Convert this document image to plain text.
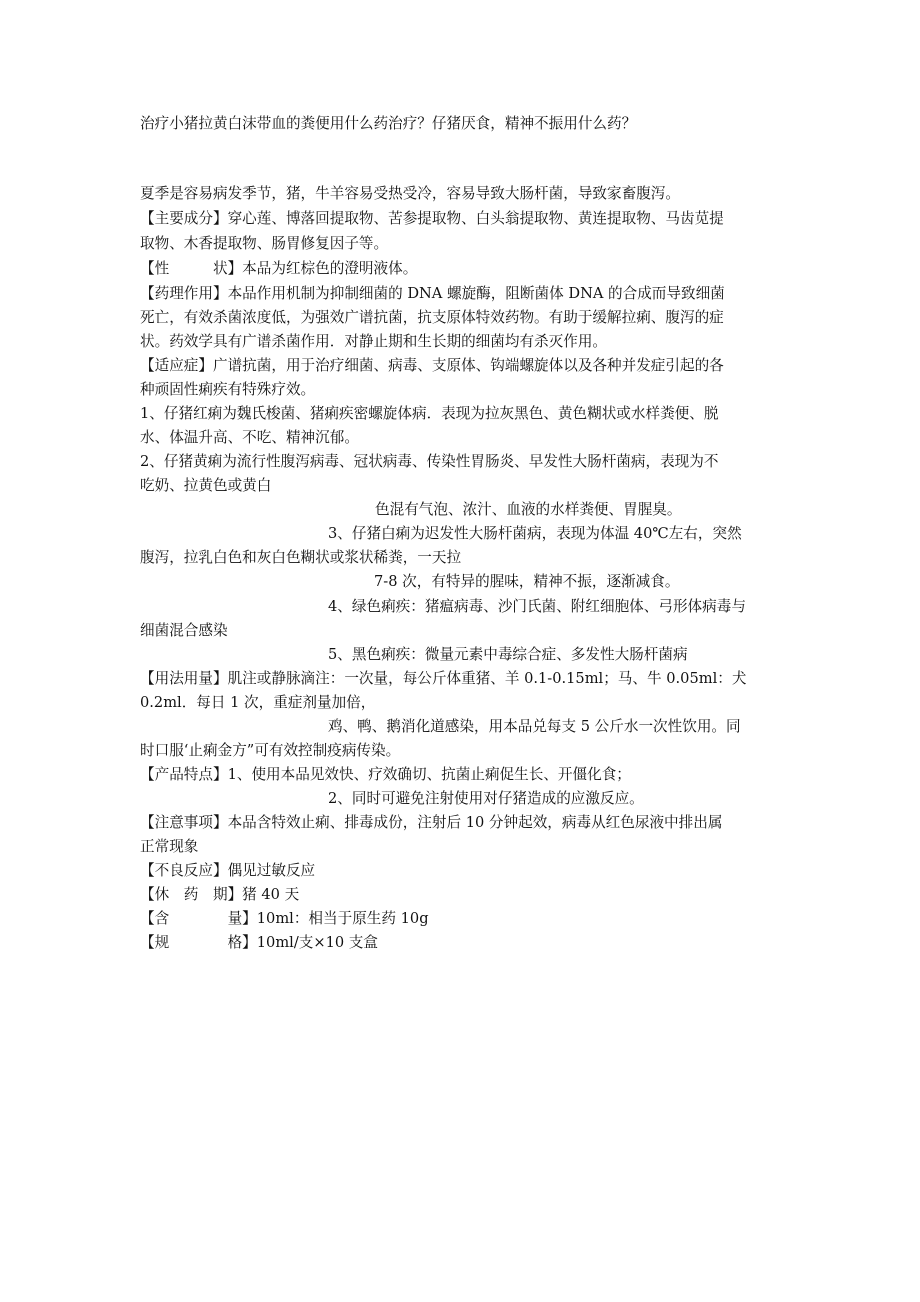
治疗小猪拉黄白沫带血的粪便用什么药治疗？仔猪厌食，精神不振用什么药？
夏季是容易病发季节，猪，牛羊容易受热受冷，容易导致大肠杆菌，导致家畜腹泻。
【主要成分】穿心莲、博落回提取物、苦参提取物、白头翁提取物、黄连提取物、马齿苋提
取物、木香提取物、肠胃修复因子等。
【性　　　状】本品为红棕色的澄明液体。
【药理作用】本品作用机制为抑制细菌的 DNA 螺旋酶，阻断菌体 DNA 的合成而导致细菌
死亡，有效杀菌浓度低，为强效广谱抗菌，抗支原体特效药物。有助于缓解拉痢、腹泻的症
状。药效学具有广谱杀菌作用．对静止期和生长期的细菌均有杀灭作用。
【适应症】广谱抗菌，用于治疗细菌、病毒、支原体、钩端螺旋体以及各种并发症引起的各
种顽固性痢疾有特殊疗效。
1、仔猪红痢为魏氏梭菌、猪痢疾密螺旋体病．表现为拉灰黑色、黄色糊状或水样粪便、脱
水、体温升高、不吃、精神沉郁。
2、仔猪黄痢为流行性腹泻病毒、冠状病毒、传染性胃肠炎、早发性大肠杆菌病，表现为不
吃奶、拉黄色或黄白
色混有气泡、浓汁、血液的水样粪便、胃腥臭。
3、仔猪白痢为迟发性大肠杆菌病，表现为体温 40℃左右，突然
腹泻，拉乳白色和灰白色糊状或浆状稀粪，一天拉
7-8 次，有特异的腥味，精神不振，逐渐减食。
4、绿色痢疾：猪瘟病毒、沙门氏菌、附红细胞体、弓形体病毒与
细菌混合感染
5、黑色痢疾：微量元素中毒综合症、多发性大肠杆菌病
【用法用量】肌注或静脉滴注：一次量，每公斤体重猪、羊 0.1-0.15ml；马、牛 0.05ml：犬
0.2ml．每日 1 次，重症剂量加倍，
鸡、鸭、鹅消化道感染，用本品兑每支 5 公斤水一次性饮用。同
时口服‘止痢金方”可有效控制疫病传染。
【产品特点】1、使用本品见效快、疗效确切、抗菌止痢促生长、开僵化食；
2、同时可避免注射使用对仔猪造成的应激反应。
【注意事项】本品含特效止痢、排毒成份，注射后 10 分钟起效，病毒从红色尿液中排出属
正常现象
【不良反应】偶见过敏反应
【休　药　期】猪 40 天
【含　　　　量】10ml：相当于原生药 10g
【规　　　　格】10ml/支×10 支盒
